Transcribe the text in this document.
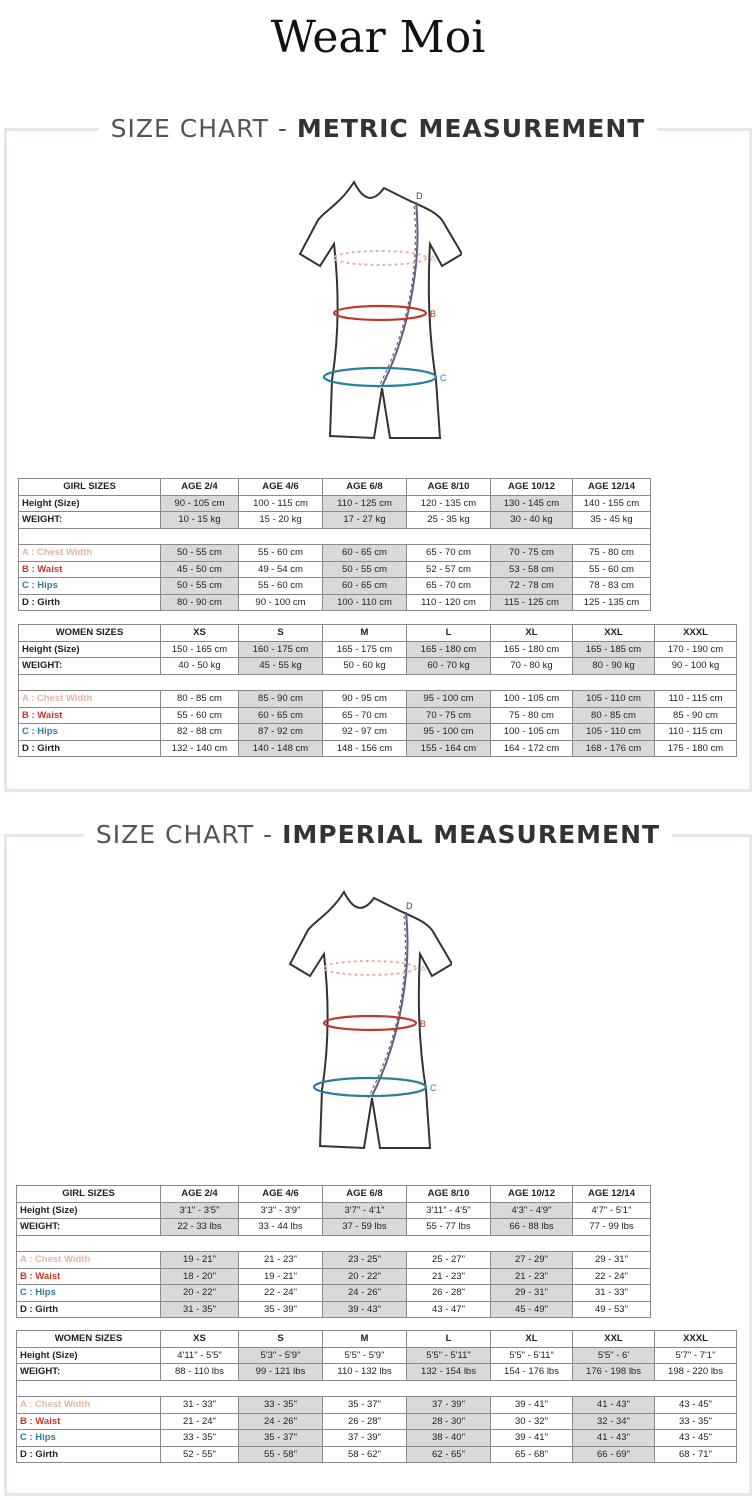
Wear Moi
SIZE CHART - METRIC MEASUREMENT
D
A
B
C
GIRL SIZES	AGE 2/4	AGE 4/6	AGE 6/8	AGE 8/10	AGE 10/12	AGE 12/14
Height (Size)	90 - 105 cm	100 - 115 cm	110 - 125 cm	120 - 135 cm	130 - 145 cm	140 - 155 cm
WEIGHT:	10 - 15 kg	15 - 20 kg	17 - 27 kg	25 - 35 kg	30 - 40 kg	35 - 45 kg

A : Chest Width	50 - 55 cm	55 - 60 cm	60 - 65 cm	65 - 70 cm	70 - 75 cm	75 - 80 cm
B : Waist	45 - 50 cm	49 - 54 cm	50 - 55 cm	52 - 57 cm	53 - 58 cm	55 - 60 cm
C : Hips	50 - 55 cm	55 - 60 cm	60 - 65 cm	65 - 70 cm	72 - 78 cm	78 - 83 cm
D : Girth	80 - 90 cm	90 - 100 cm	100 - 110 cm	110 - 120 cm	115 - 125 cm	125 - 135 cm
WOMEN SIZES	XS	S	M	L	XL	XXL	XXXL
Height (Size)	150 - 165 cm	160 - 175 cm	165 - 175 cm	165 - 180 cm	165 - 180 cm	165 - 185 cm	170 - 190 cm
WEIGHT:	40 - 50 kg	45 - 55 kg	50 - 60 kg	60 - 70 kg	70 - 80 kg	80 - 90 kg	90 - 100 kg

A : Chest Width	80 - 85 cm	85 - 90 cm	90 - 95 cm	95 - 100 cm	100 - 105 cm	105 - 110 cm	110 - 115 cm
B : Waist	55 - 60 cm	60 - 65 cm	65 - 70 cm	70 - 75 cm	75 - 80 cm	80 - 85 cm	85 - 90 cm
C : Hips	82 - 88 cm	87 - 92 cm	92 - 97 cm	95 - 100 cm	100 - 105 cm	105 - 110 cm	110 - 115 cm
D : Girth	132 - 140 cm	140 - 148 cm	148 - 156 cm	155 - 164 cm	164 - 172 cm	168 - 176 cm	175 - 180 cm
SIZE CHART - IMPERIAL MEASUREMENT
D
A
B
C
GIRL SIZES	AGE 2/4	AGE 4/6	AGE 6/8	AGE 8/10	AGE 10/12	AGE 12/14
Height (Size)	3'1" - 3'5"	3'3" - 3'9"	3'7" - 4'1"	3'11" - 4'5"	4'3" - 4'9"	4'7" - 5'1"
WEIGHT:	22 - 33 lbs	33 - 44 lbs	37 - 59 lbs	55 - 77 lbs	66 - 88 lbs	77 - 99 lbs

A : Chest Width	19 - 21"	21 - 23"	23 - 25"	25 - 27"	27 - 29"	29 - 31"
B : Waist	18 - 20"	19 - 21"	20 - 22"	21 - 23"	21 - 23"	22 - 24"
C : Hips	20 - 22"	22 - 24"	24 - 26"	26 - 28"	29 - 31"	31 - 33"
D : Girth	31 - 35"	35 - 39"	39 - 43"	43 - 47"	45 - 49"	49 - 53"
WOMEN SIZES	XS	S	M	L	XL	XXL	XXXL
Height (Size)	4'11" - 5'5"	5'3" - 5'9"	5'5" - 5'9"	5'5" - 5'11"	5'5" - 5'11"	5'5" - 6'	5'7" - 7'1"
WEIGHT:	88 - 110 lbs	99 - 121 lbs	110 - 132 lbs	132 - 154 lbs	154 - 176 lbs	176 - 198 lbs	198 - 220 lbs

A : Chest Width	31 - 33"	33 - 35"	35 - 37"	37 - 39"	39 - 41"	41 - 43"	43 - 45"
B : Waist	21 - 24"	24 - 26"	26 - 28"	28 - 30"	30 - 32"	32 - 34"	33 - 35"
C : Hips	33 - 35"	35 - 37"	37 - 39"	38 - 40"	39 - 41"	41 - 43"	43 - 45"
D : Girth	52 - 55"	55 - 58"	58 - 62"	62 - 65"	65 - 68"	66 - 69"	68 - 71"
